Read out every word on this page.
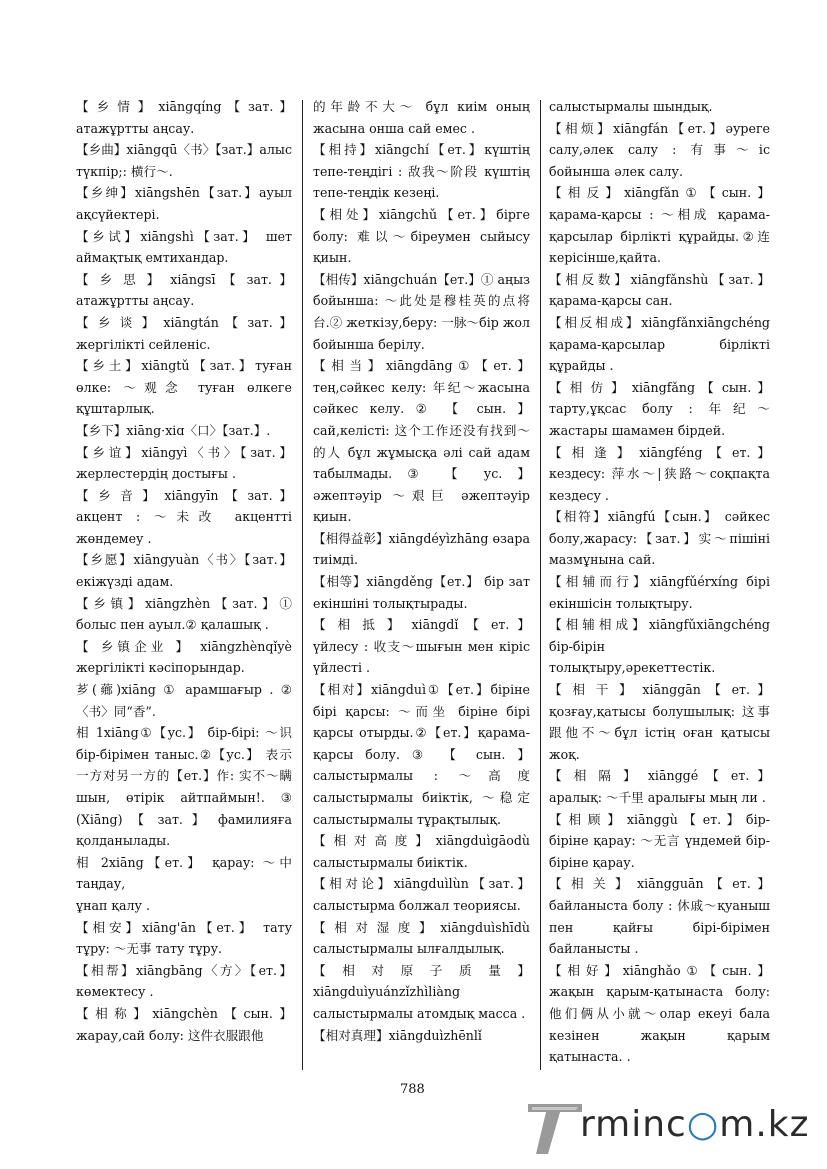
【 乡 情 】 xiāngqíng 【 зат. 】 атажұртты аңсау.

【乡曲】xiāngqū〈书〉【зат.】алыс түкпір;: 横行～.

【乡绅】xiāngshēn【зат.】ауыл ақсүйектері.

【乡试】xiāngshì【зат.】 шет аймақтық емтихандар.

【 乡 思 】 xiāngsī 【 зат. 】 атажұртты аңсау.

【 乡 谈 】 xiāngtán 【 зат. 】 жергілікті сейленіс.

【乡土】xiāngtǔ【зат.】туған өлке: ～观念 туған өлкеге құштарлық.

【乡下】xiāng·xiɑ〈口〉【зат.】.

【乡谊】xiāngyì〈书〉【зат.】 жерлестердің достығы .

【 乡 音 】 xiāngyīn 【 зат. 】 акцент : ～未改 акцентті жөндемеу .

【乡愿】xiāngyuàn〈书〉【зат.】 екіжүзді адам.

【乡镇】xiāngzhèn【зат.】① болыс пен ауыл.② қалашық .

【 乡镇企业 】 xiāngzhènqǐyè жергілікті кәсіпорындар.

芗(薌)xiāng ① арамшағыр . ②〈书〉同“香”.

相 1xiāng①【ус.】 бір-бірі: ～识 бір-бірімен таныс.②【ус.】 表示一方对另一方的【ет.】作: 实不～瞒 шын, өтірік айтпаймын!. ③ (Xiāng) 【 зат. 】 фамилияға қолданылады.

相 2xiāng【ет.】 қарау: ～中 таңдау,

ұнап қалу .

【相安】xiāng'ān【ет.】 тату тұру: ～无事 тату тұру.

【相帮】xiāngbāng〈方〉【ет.】 көмектесу .

【相称】xiāngchèn【сын.】 жарау,сай болу: 这件衣服跟他

的年龄不大～ бұл киім оның жасына онша сай емес .

【相持】xiāngchí【ет.】күштің тепе-теңдігі : 敌我～阶段 күштің тепе-теңдік кезеңі.

【相处】xiāngchǔ【ет.】бірге болу: 难以～біреумен сыйысу қиын.

【相传】xiāngchuán【ет.】① аңыз бойынша: ～此处是穆桂英的点将台.② жеткізу,беру: 一脉～бір жол бойынша берілу.

【相当】xiāngdāng①【ет.】 тең,сәйкес келу: 年纪～жасына сәйкес келу. ② 【 сын. 】 сай,келісті: 这个工作还没有找到～的人 бұл жұмысқа әлі сай адам табылмады. ③ 【 ус. 】 әжептәуір ～艰巨 әжептәуір қиын.

【相得益彰】xiāngdéyìzhāng өзара тиімді.

【相等】xiāngděng【ет.】 бір зат екіншіні толықтырады.

【 相 抵 】 xiāngdǐ 【 ет. 】 үйлесу : 收支～шығын мен кіріс үйлесті .

【相对】xiāngduì①【ет.】біріне бірі қарсы: ～而坐 біріне бірі қарсы отырды.②【ет.】қарама-қарсы болу. ③ 【 сын. 】 салыстырмалы : ～高度 салыстырмалы биіктік, ～稳定 салыстырмалы тұрақтылық.

【相对高度】xiāngduìgāodù салыстырмалы биіктік.

【相对论】xiāngduìlùn【зат.】 салыстырма болжал теориясы.

【相对湿度】xiāngduìshīdù салыстырмалы ылғалдылық.

【 相 对 原 子 质 量 】 xiāngduìyuánzǐzhìliàng салыстырмалы атомдық масса .

【相对真理】xiāngduìzhēnlǐ

салыстырмалы шындық.

【相烦】xiāngfán【ет.】әуреге салу,әлек салу : 有事～іс бойынша әлек салу.

【相反】xiāngfǎn①【сын.】 қарама-қарсы : ～相成 қарама-қарсылар бірлікті құрайды.②连 керісінше,қайта.

【相反数】xiāngfǎnshù【зат.】 қарама-қарсы сан.

【相反相成】xiāngfǎnxiāngchéng қарама-қарсылар бірлікті құрайды .

【 相 仿 】 xiāngfǎng 【 сын. 】 тарту,ұқсас болу : 年纪～ жастары шамамен бірдей.

【 相 逢 】 xiāngféng 【 ет. 】 кездесу: 萍水～|狭路～соқпақта кездесу .

【相符】xiāngfú【сын.】 сәйкес болу,жарасу:【зат.】实～пішіні мазмұнына сай.

【相辅而行】xiāngfǔérxíng бірі екіншісін толықтыру.

【相辅相成】xiāngfǔxiāngchéng бір-бірін толықтыру,әрекеттестік.

【 相 干 】 xiānggān 【 ет. 】 қозғау,қатысы болушылық: 这事跟他不～бұл істің оған қатысы жоқ.

【 相 隔 】 xiānggé 【 ет. 】 аралық: ～千里 аралығы мың ли .

【 相 顾 】 xiānggù 【 ет. 】 бір-біріне қарау: ～无言 үндемей бір-біріне қарау.

【 相 关 】 xiāngguān 【 ет. 】 байланыста болу : 休戚～қуаныш пен қайғы бірі-бірімен байланысты .

【相好】xiānghǎo①【сын.】 жақын қарым-қатынаста болу: 他们俩从小就～олар екеуі бала кезінен жақын қарым қатынаста. .

788
rminc○m.kz
